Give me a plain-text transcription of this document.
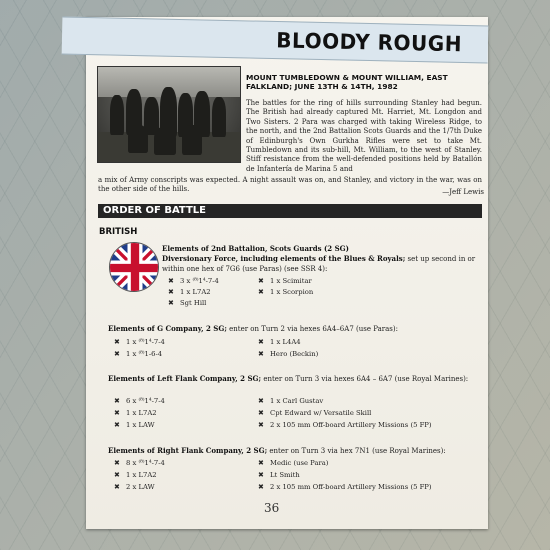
BLOODY ROUGH
MOUNT TUMBLEDOWN & MOUNT WILLIAM, EAST FALKLAND; JUNE 13TH & 14TH, 1982
The battles for the ring of hills surrounding Stanley had begun. The British had already captured Mt. Harriet, Mt. Longdon and Two Sisters. 2 Para was charged with taking Wireless Ridge, to the north, and the 2nd Battalion Scots Guards and the 1/7th Duke of Edinburgh's Own Gurkha Rifles were set to take Mt. Tumbledown and its sub-hill, Mt. William, to the west of Stanley. Stiff resistance from the well-defended positions held by Batallón de Infantería de Marina 5 and
a mix of Army conscripts was expected. A night assault was on, and Stanley, and victory in the war, was on the other side of the hills.	—Jeff Lewis
ORDER OF BATTLE
BRITISH
Elements of 2nd Battalion, Scots Guards (2 SG)
Diversionary Force, including elements of the Blues & Royals; set up second in or within one hex of 7G6 (use Paras) (see SSR 4):
✖ 3 x ⁽⁸⁾1⁴-7-4	✖ 1 x Scimitar
✖ 1 x L7A2	✖ 1 x Scorpion
✖ Sgt Hill
Elements of G Company, 2 SG; enter on Turn 2 via hexes 6A4–6A7 (use Paras):
✖ 1 x ⁽⁸⁾1⁴-7-4	✖ 1 x L4A4
✖ 1 x ⁽⁸⁾1-6-4	✖ Hero (Beckin)
Elements of Left Flank Company, 2 SG; enter on Turn 3 via hexes 6A4 – 6A7 (use Royal Marines):
✖ 6 x ⁽⁸⁾1⁴-7-4	✖ 1 x Carl Gustav
✖ 1 x L7A2	✖ Cpt Edward w/ Versatile Skill
✖ 1 x LAW	✖ 2 x 105 mm Off-board Artillery Missions (5 FP)
Elements of Right Flank Company, 2 SG; enter on Turn 3 via hex 7N1 (use Royal Marines):
✖ 8 x ⁽⁸⁾1⁴-7-4	✖ Medic (use Para)
✖ 1 x L7A2	✖ Lt Smith
✖ 2 x LAW	✖ 2 x 105 mm Off-board Artillery Missions (5 FP)
36
